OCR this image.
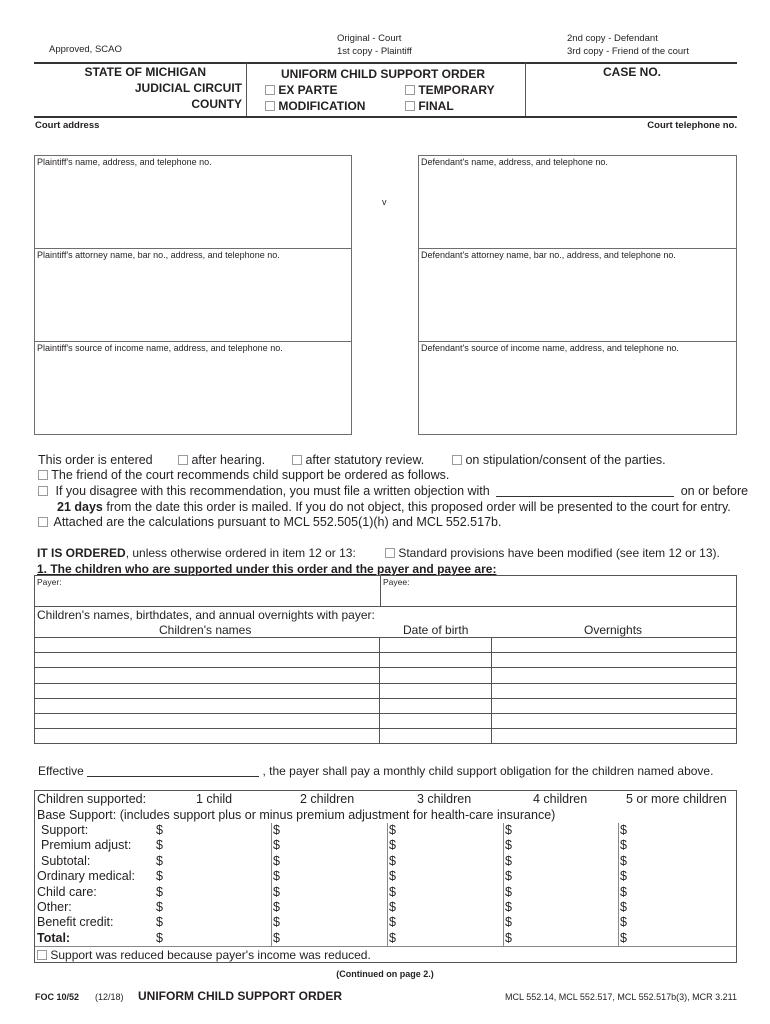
Approved, SCAO
Original - Court
1st copy - Plaintiff
2nd copy - Defendant
3rd copy - Friend of the court
STATE OF MICHIGAN
JUDICIAL CIRCUIT
COUNTY
UNIFORM CHILD SUPPORT ORDER
EX PARTE	TEMPORARY
MODIFICATION	FINAL
CASE NO.
Court address	Court telephone no.
Plaintiff's name, address, and telephone no.
Plaintiff's attorney name, bar no., address, and telephone no.
Plaintiff's source of income name, address, and telephone no.
v
Defendant's name, address, and telephone no.
Defendant's attorney name, bar no., address, and telephone no.
Defendant's source of income name, address, and telephone no.
This order is entered	after hearing.	after statutory review.	on stipulation/consent of the parties.
The friend of the court recommends child support be ordered as follows.
If you disagree with this recommendation, you must file a written objection with	on or before
21 days from the date this order is mailed. If you do not object, this proposed order will be presented to the court for entry.
Attached are the calculations pursuant to MCL 552.505(1)(h) and MCL 552.517b.
IT IS ORDERED, unless otherwise ordered in item 12 or 13:	Standard provisions have been modified (see item 12 or 13).
1. The children who are supported under this order and the payer and payee are:
Payer:	Payee:
Children's names, birthdates, and annual overnights with payer:
Children's names	Date of birth	Overnights

Effective	, the payer shall pay a monthly child support obligation for the children named above.
Children supported:	1 child	2 children	3 children	4 children	5 or more children
Base Support: (includes support plus or minus premium adjustment for health-care insurance)
Support:	$	$	$	$	$
Premium adjust: $	$	$	$	$
Subtotal:	$	$	$	$	$
Ordinary medical: $	$	$	$	$
Child care:	$	$	$	$	$
Other:	$	$	$	$	$
Benefit credit:	$	$	$	$	$
Total:	$	$	$	$	$
Support was reduced because payer's income was reduced.
(Continued on page 2.)
FOC 10/52 (12/18) UNIFORM CHILD SUPPORT ORDER	MCL 552.14, MCL 552.517, MCL 552.517b(3), MCR 3.211
